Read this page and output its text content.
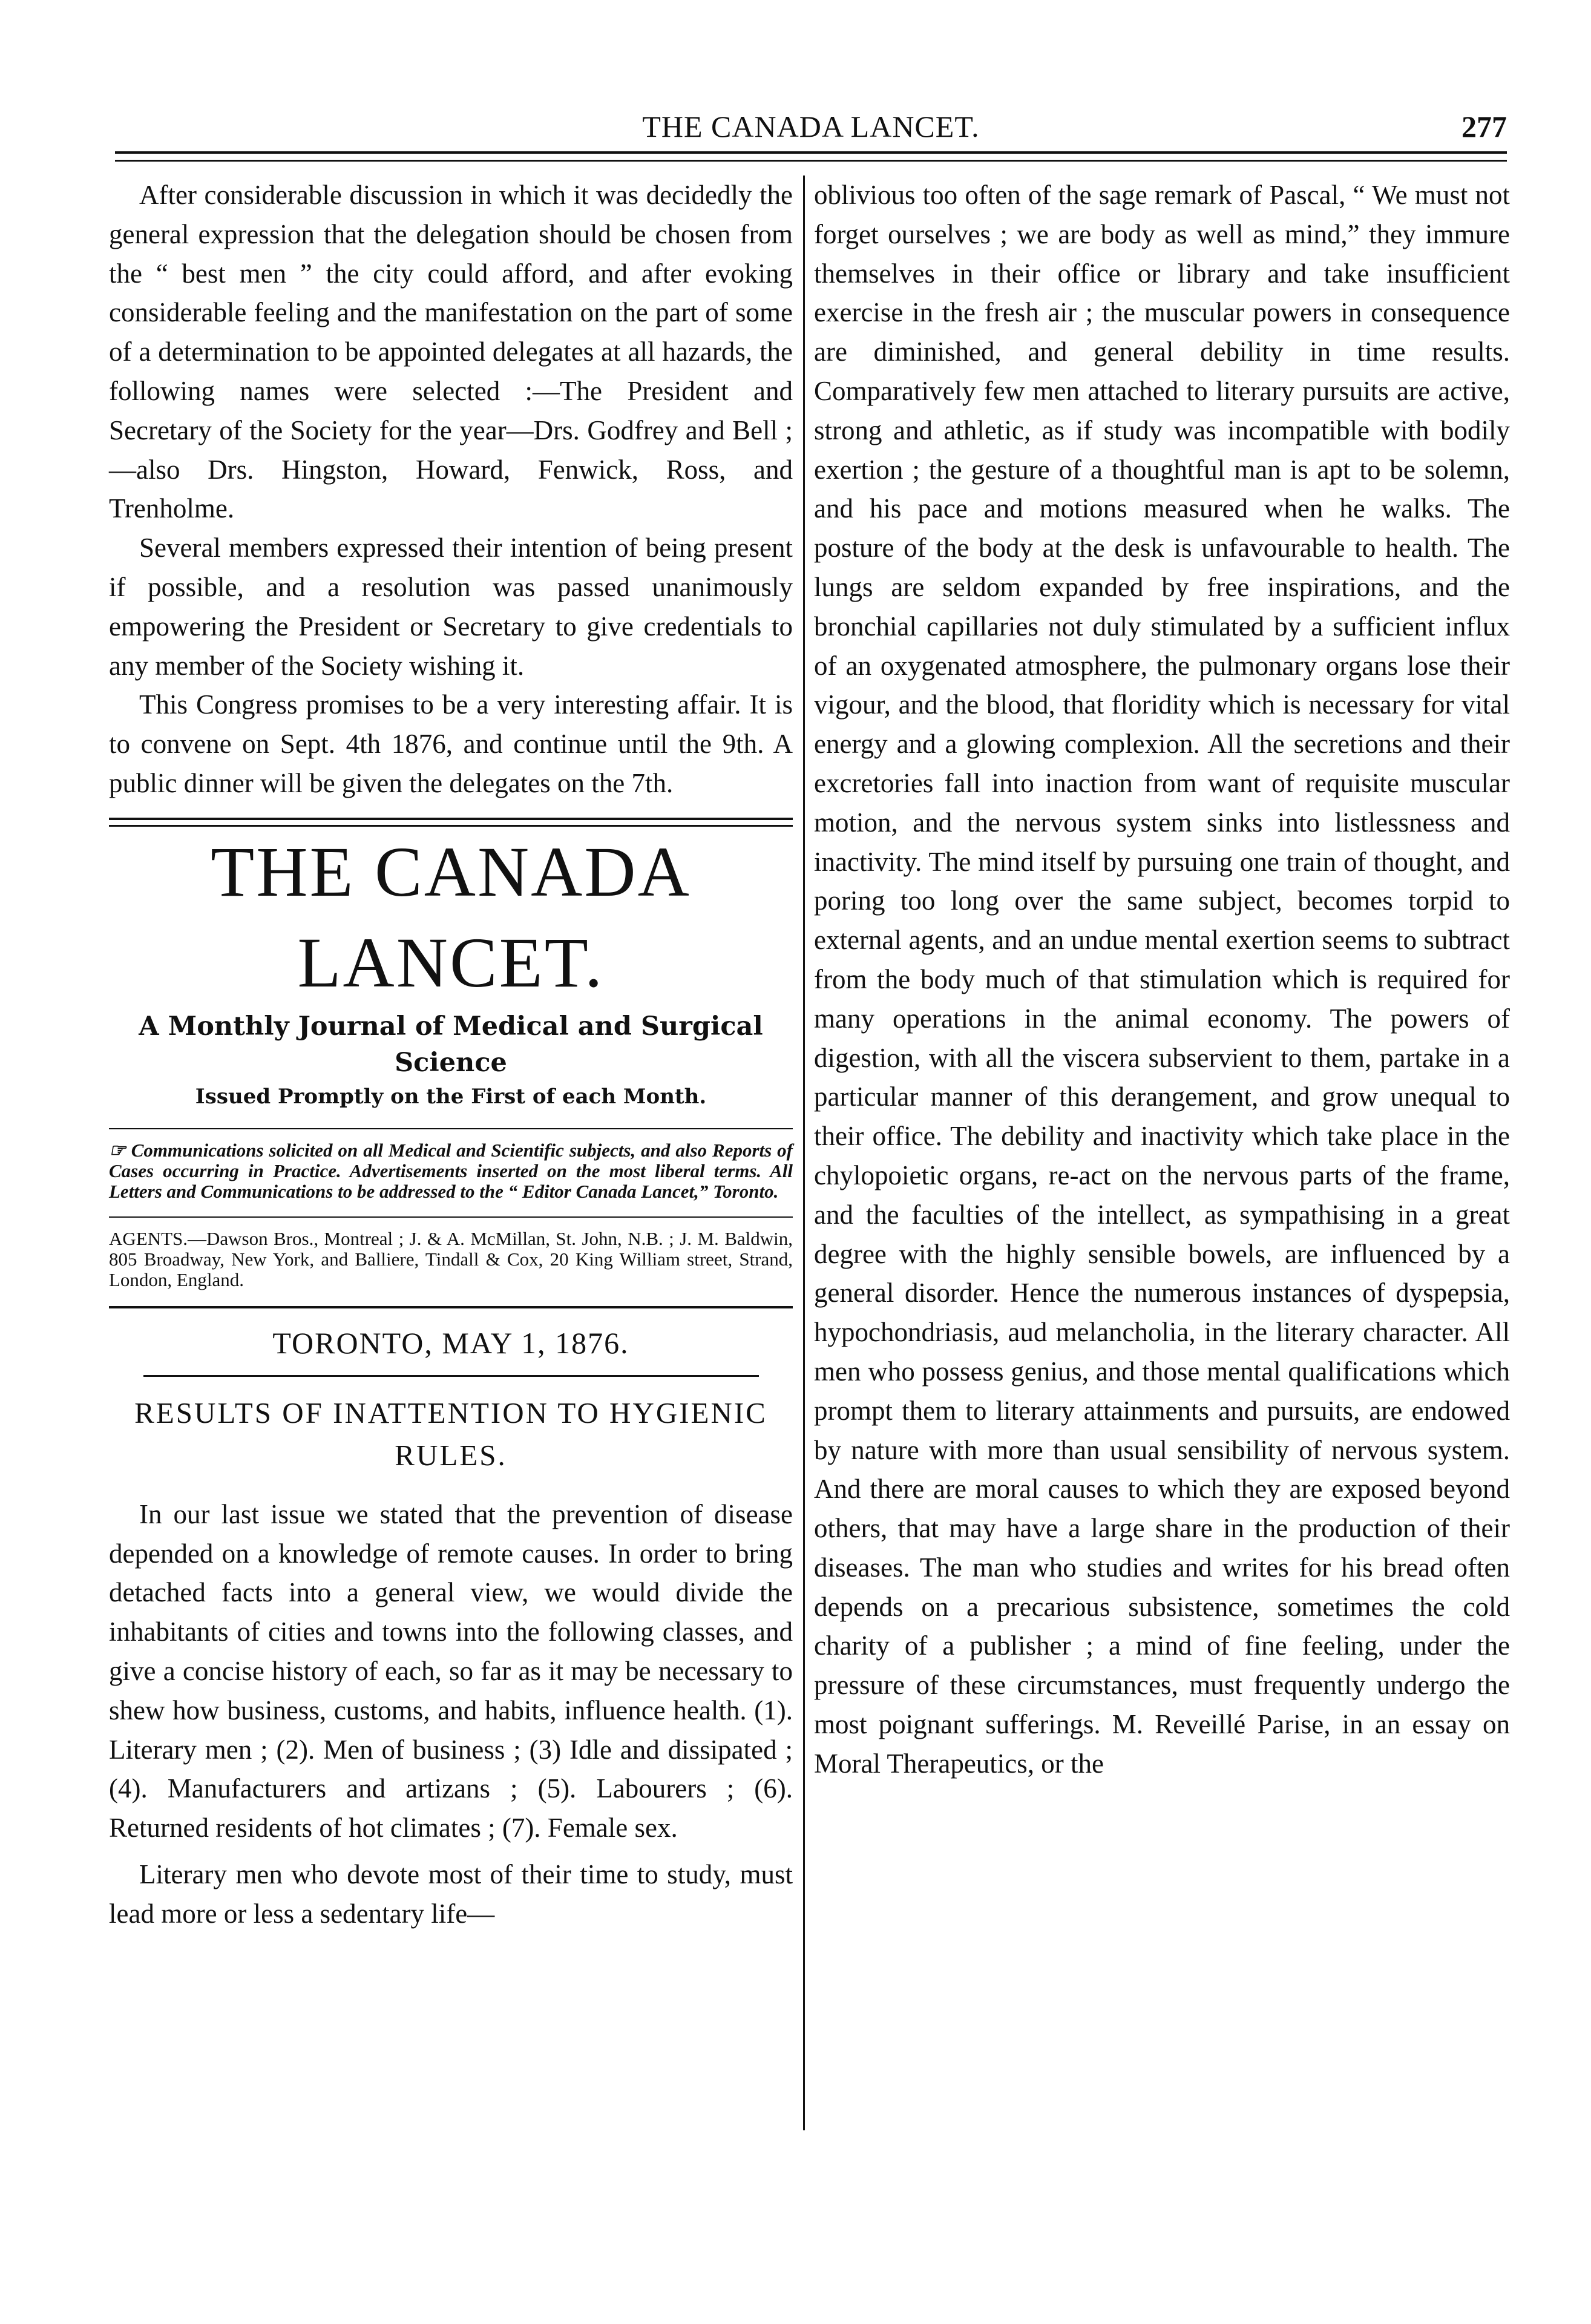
THE CANADA LANCET.	277

After considerable discussion in which it was decidedly the general expression that the delegation should be chosen from the “ best men ” the city could afford, and after evoking considerable feeling and the manifestation on the part of some of a determination to be appointed delegates at all hazards, the following names were selected :—The President and Secretary of the Society for the year—Drs. Godfrey and Bell ;—also Drs. Hingston, Howard, Fenwick, Ross, and Trenholme.

Several members expressed their intention of being present if possible, and a resolution was passed unanimously empowering the President or Secretary to give credentials to any member of the Society wishing it.

This Congress promises to be a very interesting affair. It is to convene on Sept. 4th 1876, and continue until the 9th. A public dinner will be given the delegates on the 7th.

THE CANADA LANCET.
A Monthly Journal of Medical and Surgical Science
Issued Promptly on the First of each Month.
☞ Communications solicited on all Medical and Scientific subjects, and also Reports of Cases occurring in Practice. Advertisements inserted on the most liberal terms. All Letters and Communications to be addressed to the “ Editor Canada Lancet,” Toronto.
AGENTS.—Dawson Bros., Montreal ; J. & A. McMillan, St. John, N.B. ; J. M. Baldwin, 805 Broadway, New York, and Balliere, Tindall & Cox, 20 King William street, Strand, London, England.
TORONTO, MAY 1, 1876.
RESULTS OF INATTENTION TO HYGIENIC RULES.

In our last issue we stated that the prevention of disease depended on a knowledge of remote causes. In order to bring detached facts into a general view, we would divide the inhabitants of cities and towns into the following classes, and give a concise history of each, so far as it may be necessary to shew how business, customs, and habits, influence health. (1). Literary men ; (2). Men of business ; (3) Idle and dissipated ; (4). Manufacturers and artizans ; (5). Labourers ; (6). Returned residents of hot climates ; (7). Female sex.

Literary men who devote most of their time to study, must lead more or less a sedentary life—

oblivious too often of the sage remark of Pascal, “ We must not forget ourselves ; we are body as well as mind,” they immure themselves in their office or library and take insufficient exercise in the fresh air ; the muscular powers in consequence are diminished, and general debility in time results. Comparatively few men attached to literary pursuits are active, strong and athletic, as if study was incompatible with bodily exertion ; the gesture of a thoughtful man is apt to be solemn, and his pace and motions measured when he walks. The posture of the body at the desk is unfavourable to health. The lungs are seldom expanded by free inspirations, and the bronchial capillaries not duly stimulated by a sufficient influx of an oxygenated atmosphere, the pulmonary organs lose their vigour, and the blood, that floridity which is necessary for vital energy and a glowing complexion. All the secretions and their excretories fall into inaction from want of requisite muscular motion, and the nervous system sinks into listlessness and inactivity. The mind itself by pursuing one train of thought, and poring too long over the same subject, becomes torpid to external agents, and an undue mental exertion seems to subtract from the body much of that stimulation which is required for many operations in the animal economy. The powers of digestion, with all the viscera subservient to them, partake in a particular manner of this derangement, and grow unequal to their office. The debility and inactivity which take place in the chylopoietic organs, re-act on the nervous parts of the frame, and the faculties of the intellect, as sympathising in a great degree with the highly sensible bowels, are influenced by a general disorder. Hence the numerous instances of dyspepsia, hypochondriasis, aud melancholia, in the literary character. All men who possess genius, and those mental qualifications which prompt them to literary attainments and pursuits, are endowed by nature with more than usual sensibility of nervous system. And there are moral causes to which they are exposed beyond others, that may have a large share in the production of their diseases. The man who studies and writes for his bread often depends on a precarious subsistence, sometimes the cold charity of a publisher ; a mind of fine feeling, under the pressure of these circumstances, must frequently undergo the most poignant sufferings. M. Reveillé Parise, in an essay on Moral Therapeutics, or the
